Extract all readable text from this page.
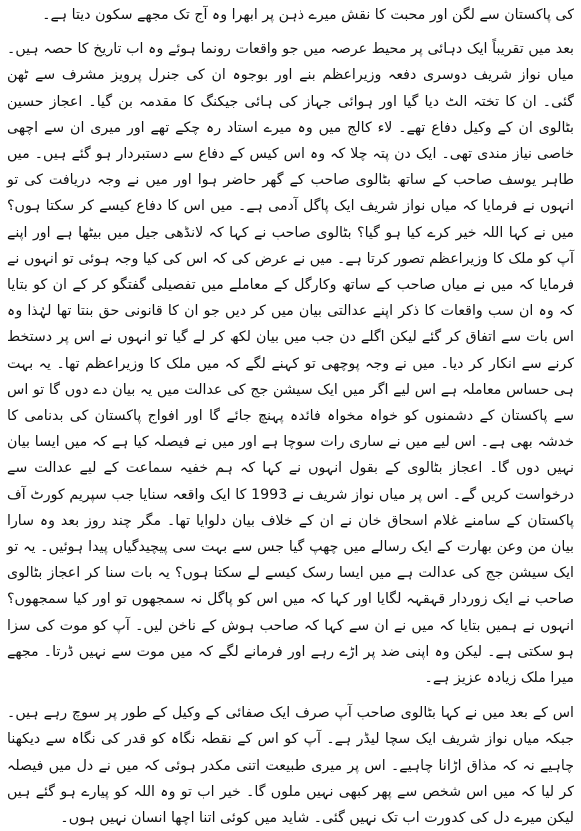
کی پاکستان سے لگن اور محبت کا نقش میرے ذہن پر ابھرا وہ آج تک مجھے سکون دیتا ہے۔

بعد میں تقریباً ایک دہائی پر محیط عرصہ میں جو واقعات رونما ہوئے وہ اب تاریخ کا حصہ ہیں۔ میاں نواز شریف دوسری دفعہ وزیراعظم بنے اور بوجوہ ان کی جنرل پرویز مشرف سے ٹھن گئی۔ ان کا تختہ الٹ دیا گیا اور ہوائی جہاز کی ہائی جیکنگ کا مقدمہ بن گیا۔ اعجاز حسین بٹالوی ان کے وکیل دفاع تھے۔ لاء کالج میں وہ میرے استاد رہ چکے تھے اور میری ان سے اچھی خاصی نیاز مندی تھی۔ ایک دن پتہ چلا کہ وہ اس کیس کے دفاع سے دستبردار ہو گئے ہیں۔ میں طاہر یوسف صاحب کے ساتھ بٹالوی صاحب کے گھر حاضر ہوا اور میں نے وجہ دریافت کی تو انہوں نے فرمایا کہ میاں نواز شریف ایک پاگل آدمی ہے۔ میں اس کا دفاع کیسے کر سکتا ہوں؟ میں نے کہا اللہ خیر کرے کیا ہو گیا؟ بٹالوی صاحب نے کہا کہ لانڈھی جیل میں بیٹھا ہے اور اپنے آپ کو ملک کا وزیراعظم تصور کرتا ہے۔ میں نے عرض کی کہ اس کی کیا وجہ ہوئی تو انہوں نے فرمایا کہ میں نے میاں صاحب کے ساتھ وکارگل کے معاملے میں تفصیلی گفتگو کر کے ان کو بتایا کہ وہ ان سب واقعات کا ذکر اپنے عدالتی بیان میں کر دیں جو ان کا قانونی حق بنتا تھا لہٰذا وہ اس بات سے اتفاق کر گئے لیکن اگلے دن جب میں بیان لکھ کر لے گیا تو انہوں نے اس پر دستخط کرنے سے انکار کر دیا۔ میں نے وجہ پوچھی تو کہنے لگے کہ میں ملک کا وزیراعظم تھا۔ یہ بہت ہی حساس معاملہ ہے اس لیے اگر میں ایک سیشن جج کی عدالت میں یہ بیان دے دوں گا تو اس سے پاکستان کے دشمنوں کو خواہ مخواہ فائدہ پہنچ جائے گا اور افواج پاکستان کی بدنامی کا خدشہ بھی ہے۔ اس لیے میں نے ساری رات سوچا ہے اور میں نے فیصلہ کیا ہے کہ میں ایسا بیان نہیں دوں گا۔ اعجاز بٹالوی کے بقول انہوں نے کہا کہ ہم خفیہ سماعت کے لیے عدالت سے درخواست کریں گے۔ اس پر میاں نواز شریف نے 1993 کا ایک واقعہ سنایا جب سپریم کورٹ آف پاکستان کے سامنے غلام اسحاق خان نے ان کے خلاف بیان دلوایا تھا۔ مگر چند روز بعد وہ سارا بیان من وعن بھارت کے ایک رسالے میں چھپ گیا جس سے بہت سی پیچیدگیاں پیدا ہوئیں۔ یہ تو ایک سیشن جج کی عدالت ہے میں ایسا رسک کیسے لے سکتا ہوں؟ یہ بات سنا کر اعجاز بٹالوی صاحب نے ایک زوردار قہقہہ لگایا اور کہا کہ میں اس کو پاگل نہ سمجھوں تو اور کیا سمجھوں؟ انہوں نے ہمیں بتایا کہ میں نے ان سے کہا کہ صاحب ہوش کے ناخن لیں۔ آپ کو موت کی سزا ہو سکتی ہے۔ لیکن وہ اپنی ضد پر اڑے رہے اور فرمانے لگے کہ میں موت سے نہیں ڈرتا۔ مجھے میرا ملک زیادہ عزیز ہے۔

اس کے بعد میں نے کہا بٹالوی صاحب آپ صرف ایک صفائی کے وکیل کے طور پر سوچ رہے ہیں۔ جبکہ میاں نواز شریف ایک سچا لیڈر ہے۔ آپ کو اس کے نقطہ نگاہ کو قدر کی نگاہ سے دیکھنا چاہیے نہ کہ مذاق اڑانا چاہیے۔ اس پر میری طبیعت اتنی مکدر ہوئی کہ میں نے دل میں فیصلہ کر لیا کہ میں اس شخص سے پھر کبھی نہیں ملوں گا۔ خیر اب تو وہ اللہ کو پیارے ہو گئے ہیں لیکن میرے دل کی کدورت اب تک نہیں گئی۔ شاید میں کوئی اتنا اچھا انسان نہیں ہوں۔
